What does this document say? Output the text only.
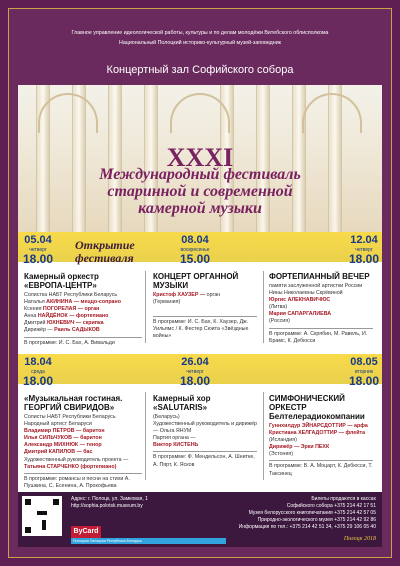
Главное управление идеологической работы, культуры и по делам молодёжи Витебского облисполкома
Национальный Полоцкий историко-культурный музей-заповедник
Концертный зал Софийского собора
XXXI
Международный фестиваль
старинной и современной
камерной музыки
05.04
четверг
18.00
Открытие фестиваля
08.04
воскресенье
15.00
12.04
четверг
18.00
18.04
среда
18.00
26.04
четверг
18.00
08.05
вторник
18.00
Камерный оркестр «ЕВРОПА-ЦЕНТР»
Солистка НАБТ Республики Беларусь
Наталья АКИНИНА — меццо-сопрано
Ксения ПОГОРЕЛАЯ — орган
Анна НАЙДЁНОК — фортепиано
Дмитрий ЮХНЕВИЧ — скрипка
Дирижёр — Раиль САДЫКОВ
В программе: И. С. Бах, А. Вивальди
КОНЦЕРТ ОРГАННОЙ МУЗЫКИ
Кристоф ХАУЗЕР — орган
(Германия)
В программе: И. С. Бах, К. Хаузер, Дж. Уильямс / К. Фестер Сюита «Звёздные войны»
ФОРТЕПИАННЫЙ ВЕЧЕР
памяти заслуженной артистки России Нины Николаевны Скрёвиной
Юргис АЛЕКНАВИЧЮС
(Литва)
Мария САПАРГАЛИЕВА
(Россия)
В программе: А. Скрябин, М. Равель, И. Брамс, К. Дебюсси
«Музыкальная гостиная. ГЕОРГИЙ СВИРИДОВ»
Солисты НАБТ Республики Беларусь
Народный артист Беларуси
Владимир ПЕТРОВ — баритон
Илья СИЛЬЧУКОВ — баритон
Александр МИХНЮК — тенор
Дмитрий КАПИЛОВ — бас
Художественный руководитель проекта —
Татьяна СТАРЧЕНКО (фортепиано)
В программе: романсы и песни на стихи А. Пушкина, С. Есенина, А. Прокофьева
Камерный хор «SALUTARIS»
(Беларусь)
Художественный руководитель и дирижёр — Ольга ЯНУМ
Партия органа —
Виктор КИСТЕНЬ
В программе: Ф. Мендельсон, А. Шнитке, А. Пярт, К. Ясков
СИМФОНИЧЕСКИЙ ОРКЕСТР Белтелерадиокомпании
Гуннхилдур ЭЙНАРСДОТТИР — арфа
Кристиана ХЕЛГАДОТТИР — флейта
(Исландия)
Дирижёр — Эрки ПЕХК
(Эстония)
В программе: В. А. Моцарт, К. Дебюсси, Т. Таксинец
Адрес: г. Полоцк, ул. Замковая, 1
http://sophia.polotsk.museum.by
ByCard
Полоцкая Палацкая Республика Беларусь
Билеты продаются в кассах
Софийского собора +375 214 42 17 51
Музея белорусского книгопечатания +375 214 42 57 05
Природно-экологического музея +375 214 42 92 86
Информация по тел.: +375 214 42 51 34, +375 29 106 05 40
Полоцк 2018
